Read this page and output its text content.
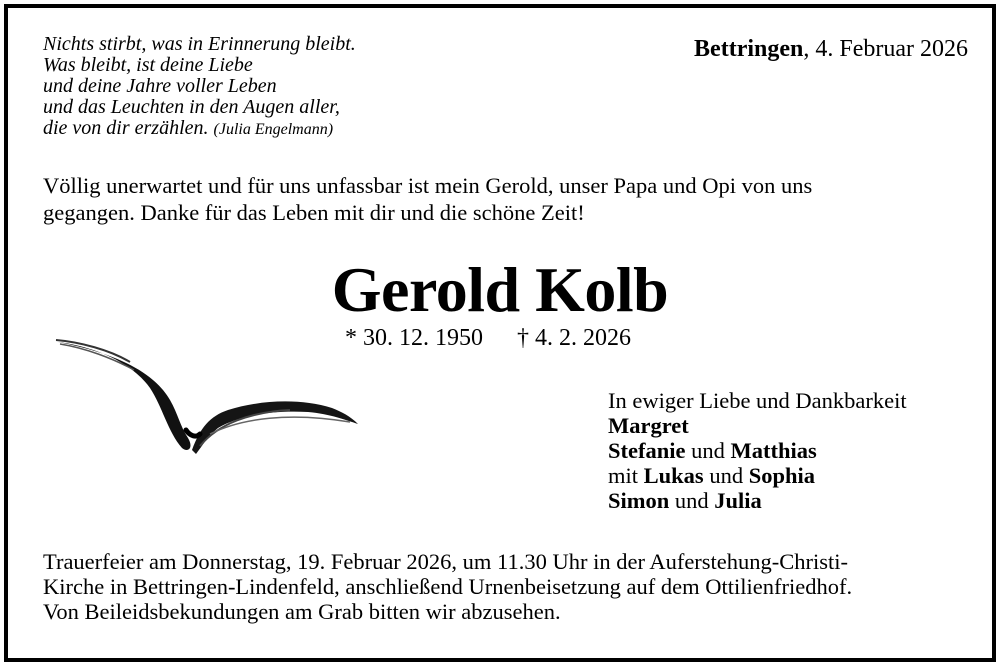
Nichts stirbt, was in Erinnerung bleibt.
Was bleibt, ist deine Liebe
und deine Jahre voller Leben
und das Leuchten in den Augen aller,
die von dir erzählen. (Julia Engelmann)
Bettringen, 4. Februar 2026
Völlig unerwartet und für uns unfassbar ist mein Gerold, unser Papa und Opi von uns
gegangen. Danke für das Leben mit dir und die schöne Zeit!
Gerold Kolb
* 30. 12. 1950 † 4. 2. 2026
In ewiger Liebe und Dankbarkeit
Margret
Stefanie und Matthias
mit Lukas und Sophia
Simon und Julia
Trauerfeier am Donnerstag, 19. Februar 2026, um 11.30 Uhr in der Auferstehung-Christi-
Kirche in Bettringen-Lindenfeld, anschließend Urnenbeisetzung auf dem Ottilienfriedhof.
Von Beileidsbekundungen am Grab bitten wir abzusehen.
